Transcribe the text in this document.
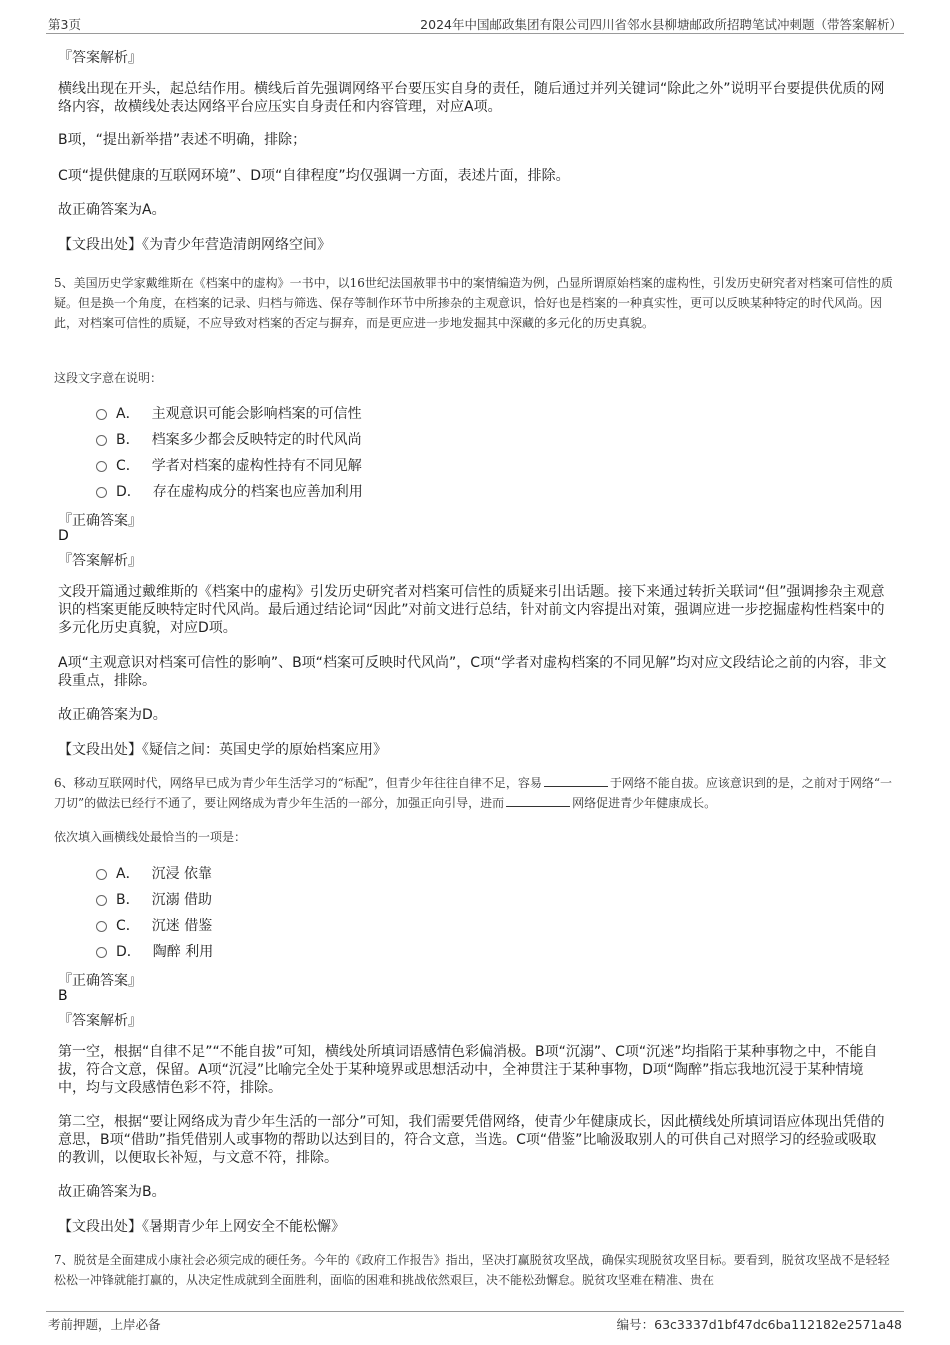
第3页	2024年中国邮政集团有限公司四川省邻水县柳塘邮政所招聘笔试冲刺题（带答案解析）
『答案解析』
横线出现在开头，起总结作用。横线后首先强调网络平台要压实自身的责任，随后通过并列关键词“除此之外”说明平台要提供优质的网络内容，故横线处表达网络平台应压实自身责任和内容管理，对应A项。
B项，“提出新举措”表述不明确，排除；
C项“提供健康的互联网环境”、D项“自律程度”均仅强调一方面，表述片面，排除。
故正确答案为A。
【文段出处】《为青少年营造清朗网络空间》
5、美国历史学家戴维斯在《档案中的虚构》一书中，以16世纪法国赦罪书中的案情编造为例，凸显所谓原始档案的虚构性，引发历史研究者对档案可信性的质疑。但是换一个角度，在档案的记录、归档与筛选、保存等制作环节中所掺杂的主观意识，恰好也是档案的一种真实性，更可以反映某种特定的时代风尚。因此，对档案可信性的质疑，不应导致对档案的否定与摒弃，而是更应进一步地发掘其中深藏的多元化的历史真貌。
这段文字意在说明：
A． 主观意识可能会影响档案的可信性
B． 档案多少都会反映特定的时代风尚
C． 学者对档案的虚构性持有不同见解
D． 存在虚构成分的档案也应善加利用
『正确答案』
D
『答案解析』
文段开篇通过戴维斯的《档案中的虚构》引发历史研究者对档案可信性的质疑来引出话题。接下来通过转折关联词“但”强调掺杂主观意识的档案更能反映特定时代风尚。最后通过结论词“因此”对前文进行总结，针对前文内容提出对策，强调应进一步挖掘虚构性档案中的多元化历史真貌，对应D项。
A项“主观意识对档案可信性的影响”、B项“档案可反映时代风尚”，C项“学者对虚构档案的不同见解”均对应文段结论之前的内容，非文段重点，排除。
故正确答案为D。
【文段出处】《疑信之间：英国史学的原始档案应用》
6、移动互联网时代，网络早已成为青少年生活学习的“标配”，但青少年往往自律不足，容易	于网络不能自拔。应该意识到的是，之前对于网络“一刀切”的做法已经行不通了，要让网络成为青少年生活的一部分，加强正向引导，进而	网络促进青少年健康成长。
依次填入画横线处最恰当的一项是：
A． 沉浸 依靠
B． 沉溺 借助
C． 沉迷 借鉴
D． 陶醉 利用
『正确答案』
B
『答案解析』
第一空，根据“自律不足”“不能自拔”可知，横线处所填词语感情色彩偏消极。B项“沉溺”、C项“沉迷”均指陷于某种事物之中，不能自拔，符合文意，保留。A项“沉浸”比喻完全处于某种境界或思想活动中，全神贯注于某种事物，D项“陶醉”指忘我地沉浸于某种情境中，均与文段感情色彩不符，排除。
第二空，根据“要让网络成为青少年生活的一部分”可知，我们需要凭借网络，使青少年健康成长，因此横线处所填词语应体现出凭借的意思，B项“借助”指凭借别人或事物的帮助以达到目的，符合文意，当选。C项“借鉴”比喻汲取别人的可供自己对照学习的经验或吸取的教训，以便取长补短，与文意不符，排除。
故正确答案为B。
【文段出处】《暑期青少年上网安全不能松懈》
7、脱贫是全面建成小康社会必须完成的硬任务。今年的《政府工作报告》指出，坚决打赢脱贫攻坚战，确保实现脱贫攻坚目标。要看到，脱贫攻坚战不是轻轻松松一冲锋就能打赢的，从决定性成就到全面胜利，面临的困难和挑战依然艰巨，决不能松劲懈怠。脱贫攻坚难在精准、贵在
考前押题，上岸必备	编号：63c3337d1bf47dc6ba112182e2571a48
